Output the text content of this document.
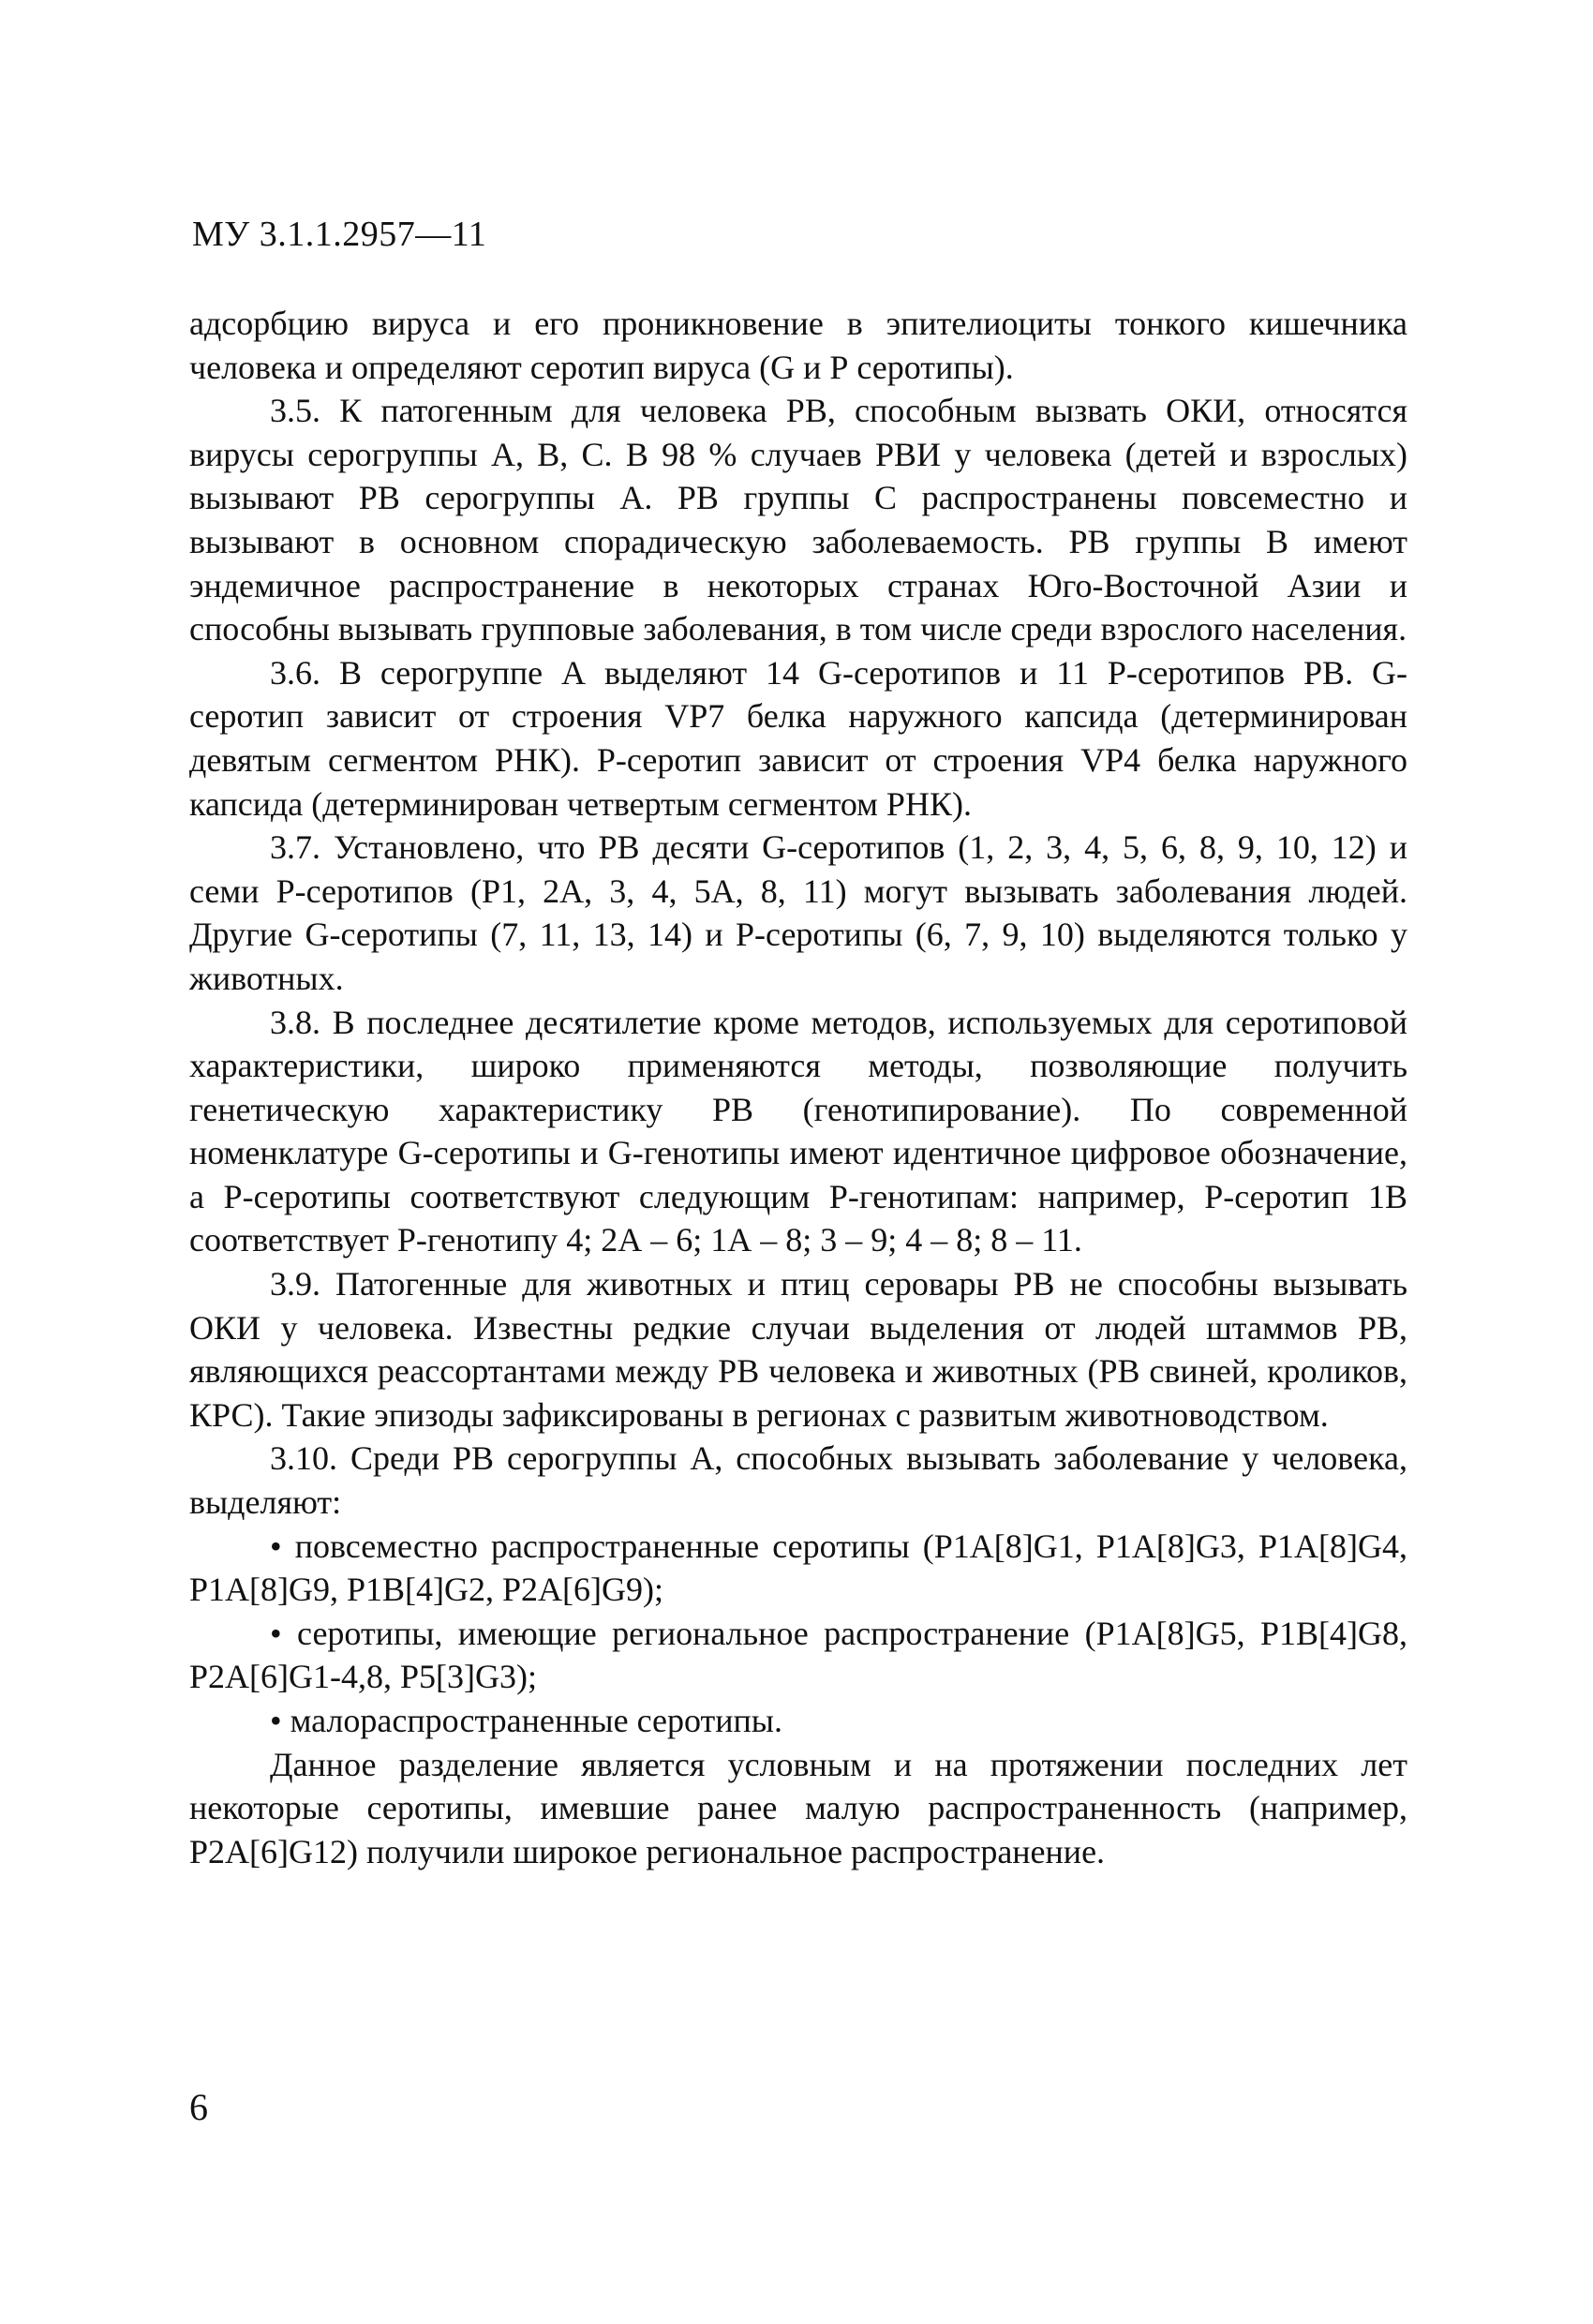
МУ 3.1.1.2957—11

адсорбцию вируса и его проникновение в эпителиоциты тонкого кишечника человека и определяют серотип вируса (G и Р серотипы).

3.5. К патогенным для человека РВ, способным вызвать ОКИ, относятся вирусы серогруппы А, В, С. В 98 % случаев РВИ у человека (детей и взрослых) вызывают РВ серогруппы А. РВ группы С распространены повсеместно и вызывают в основном спорадическую заболеваемость. РВ группы В имеют эндемичное распространение в некоторых странах Юго-Восточной Азии и способны вызывать групповые заболевания, в том числе среди взрослого населения.

3.6. В серогруппе А выделяют 14 G-серотипов и 11 Р-серотипов РВ. G-серотип зависит от строения VP7 белка наружного капсида (детерминирован девятым сегментом РНК). Р-серотип зависит от строения VP4 белка наружного капсида (детерминирован четвертым сегментом РНК).

3.7. Установлено, что РВ десяти G-серотипов (1, 2, 3, 4, 5, 6, 8, 9, 10, 12) и семи Р-серотипов (Р1, 2А, 3, 4, 5А, 8, 11) могут вызывать заболевания людей. Другие G-серотипы (7, 11, 13, 14) и Р-серотипы (6, 7, 9, 10) выделяются только у животных.

3.8. В последнее десятилетие кроме методов, используемых для серотиповой характеристики, широко применяются методы, позволяющие получить генетическую характеристику РВ (генотипирование). По современной номенклатуре G-серотипы и G-генотипы имеют идентичное цифровое обозначение, а Р-серотипы соответствуют следующим Р-генотипам: например, Р-серотип 1В соответствует Р-генотипу 4; 2А – 6; 1А – 8; 3 – 9; 4 – 8; 8 – 11.

3.9. Патогенные для животных и птиц серовары РВ не способны вызывать ОКИ у человека. Известны редкие случаи выделения от людей штаммов РВ, являющихся реассортантами между РВ человека и животных (РВ свиней, кроликов, КРС). Такие эпизоды зафиксированы в регионах с развитым животноводством.

3.10. Среди РВ серогруппы А, способных вызывать заболевание у человека, выделяют:

• повсеместно распространенные серотипы (P1A[8]G1, P1A[8]G3, P1A[8]G4, P1A[8]G9, P1B[4]G2, P2A[6]G9);

• серотипы, имеющие региональное распространение (P1A[8]G5, P1B[4]G8, P2A[6]G1-4,8, P5[3]G3);

• малораспространенные серотипы.

Данное разделение является условным и на протяжении последних лет некоторые серотипы, имевшие ранее малую распространенность (например, P2A[6]G12) получили широкое региональное распространение.

6
